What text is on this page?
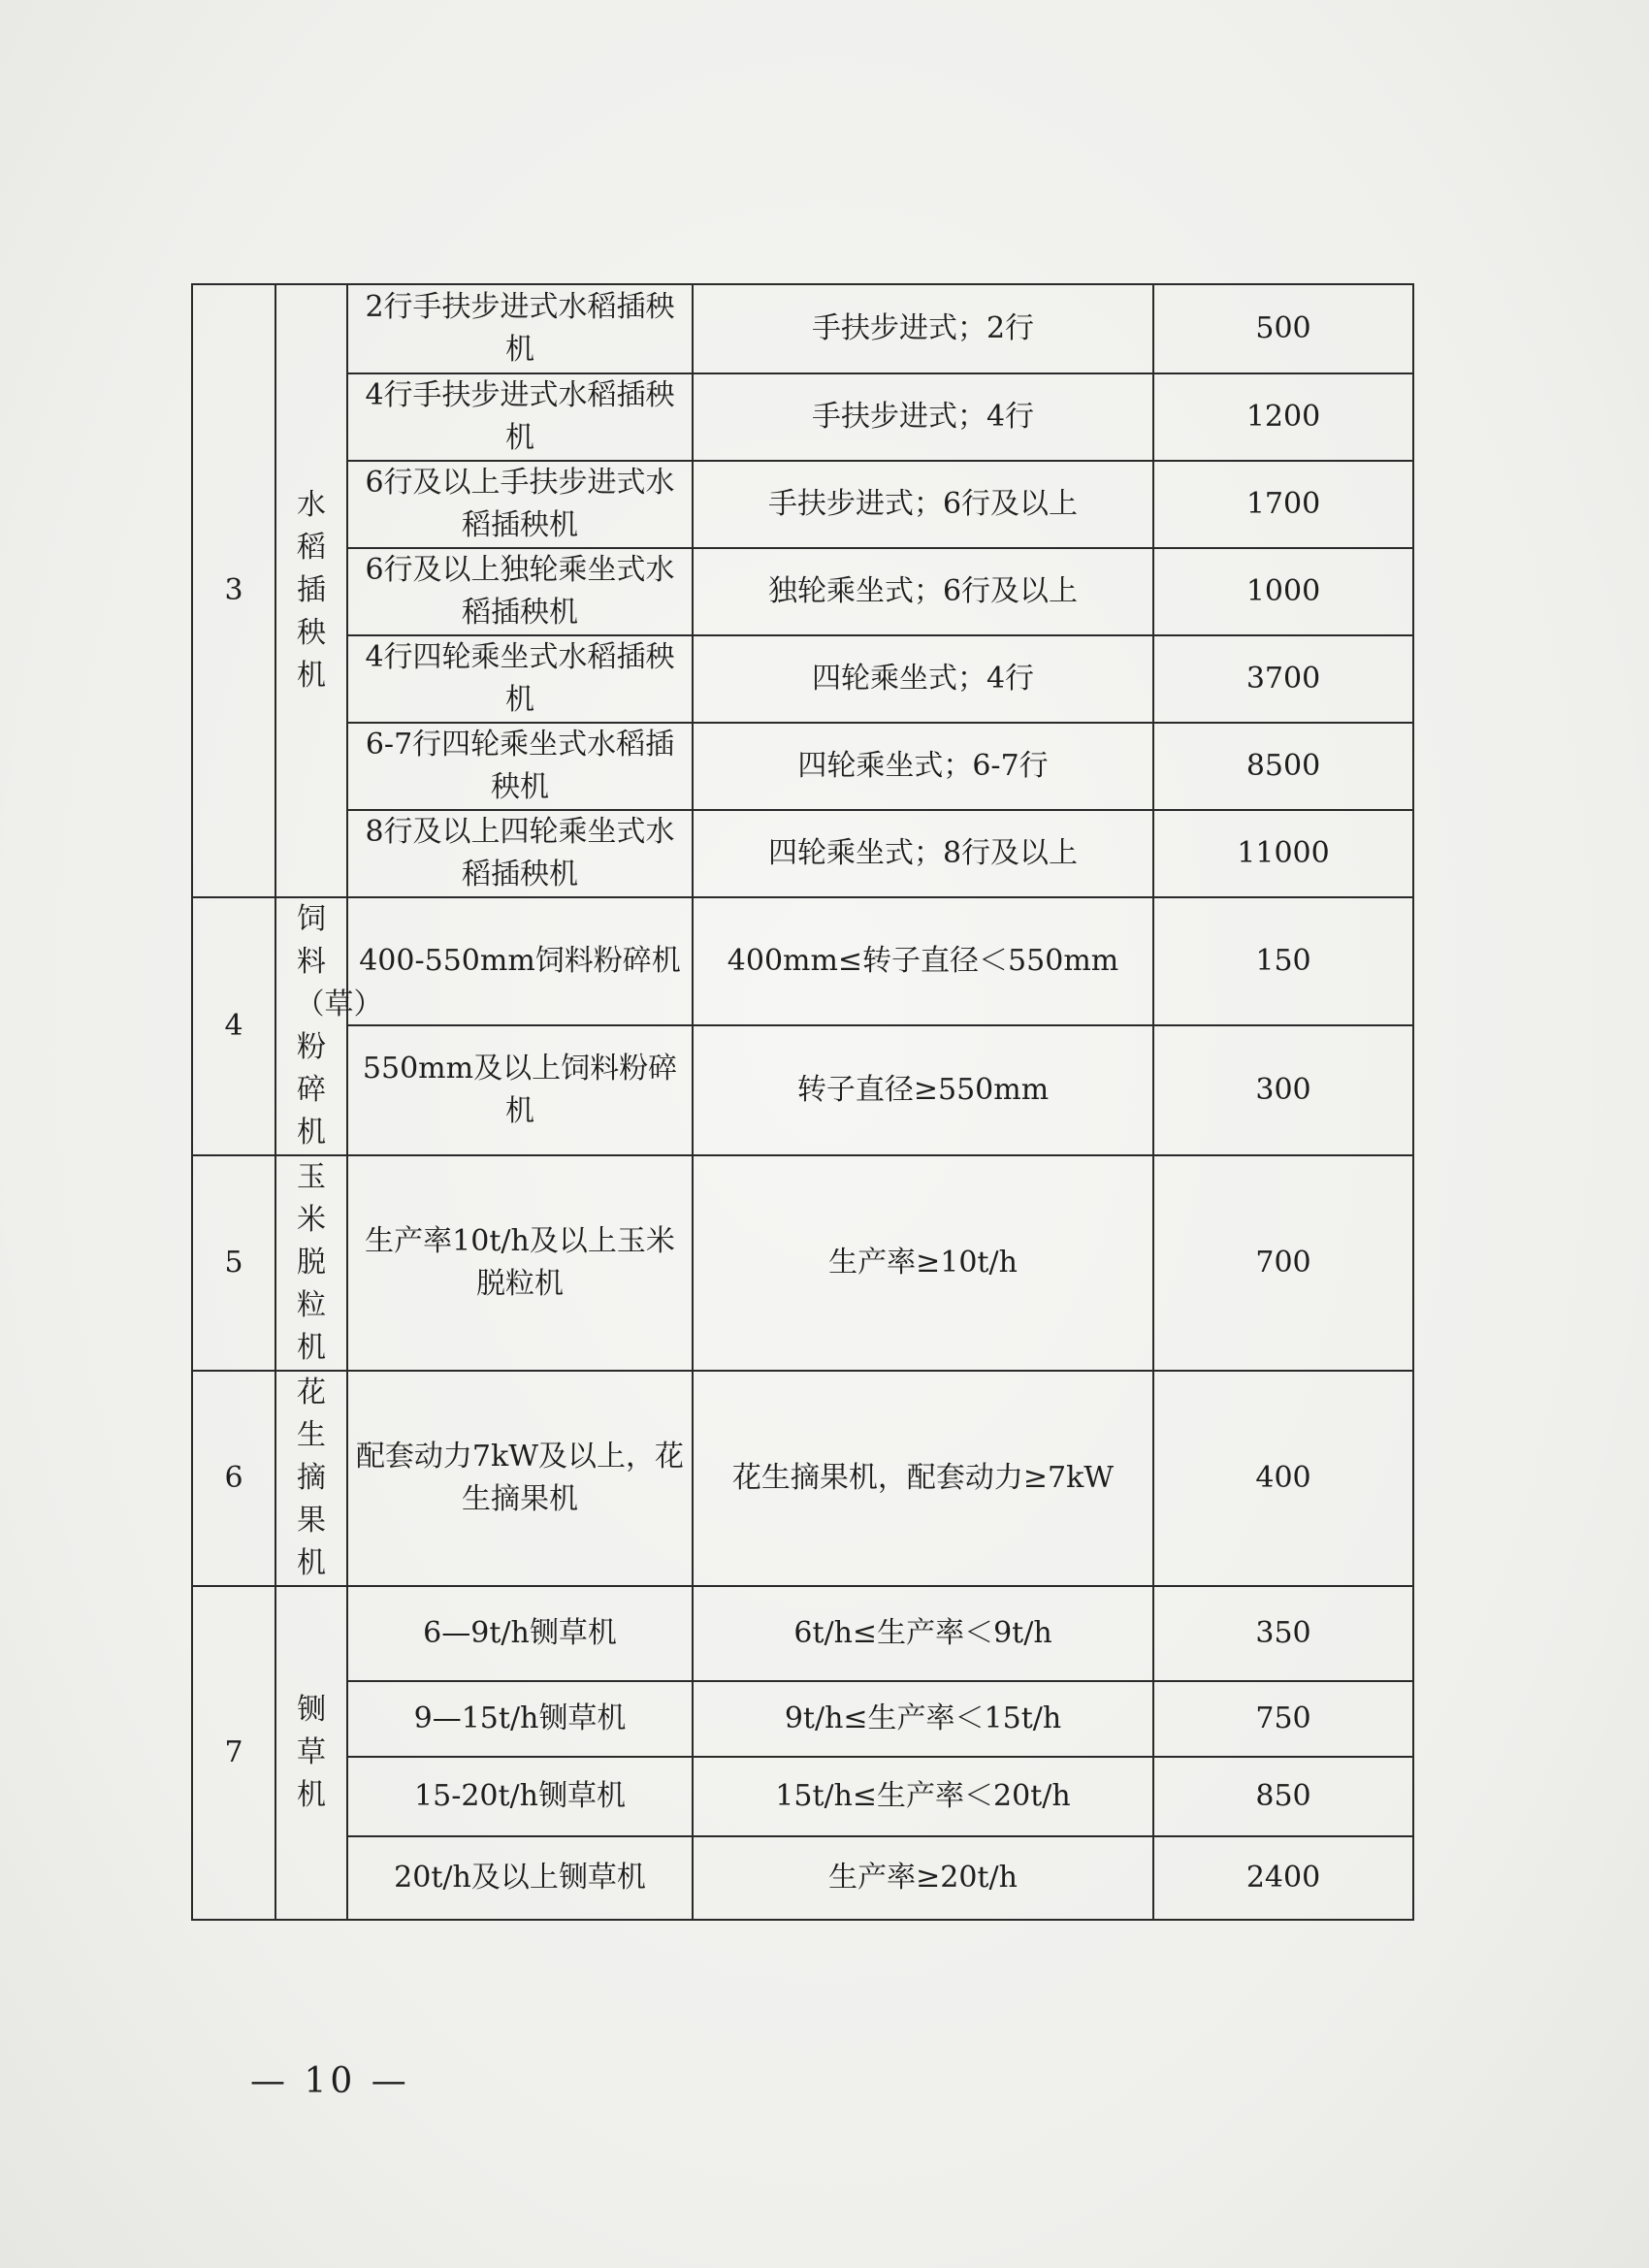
3	水稻插秧机	2行手扶步进式水稻插秧机	手扶步进式；2行	500
		4行手扶步进式水稻插秧机	手扶步进式；4行	1200
		6行及以上手扶步进式水稻插秧机	手扶步进式；6行及以上	1700
		6行及以上独轮乘坐式水稻插秧机	独轮乘坐式；6行及以上	1000
		4行四轮乘坐式水稻插秧机	四轮乘坐式；4行	3700
		6-7行四轮乘坐式水稻插秧机	四轮乘坐式；6-7行	8500
		8行及以上四轮乘坐式水稻插秧机	四轮乘坐式；8行及以上	11000
4	饲料（草）粉碎机	400-550mm饲料粉碎机	400mm≤转子直径＜550mm	150
		550mm及以上饲料粉碎机	转子直径≥550mm	300
5	玉米脱粒机	生产率10t/h及以上玉米脱粒机	生产率≥10t/h	700
6	花生摘果机	配套动力7kW及以上，花生摘果机	花生摘果机，配套动力≥7kW	400
7	铡草机	6—9t/h铡草机	6t/h≤生产率＜9t/h	350
		9—15t/h铡草机	9t/h≤生产率＜15t/h	750
		15-20t/h铡草机	15t/h≤生产率＜20t/h	850
		20t/h及以上铡草机	生产率≥20t/h	2400
— 10 —
